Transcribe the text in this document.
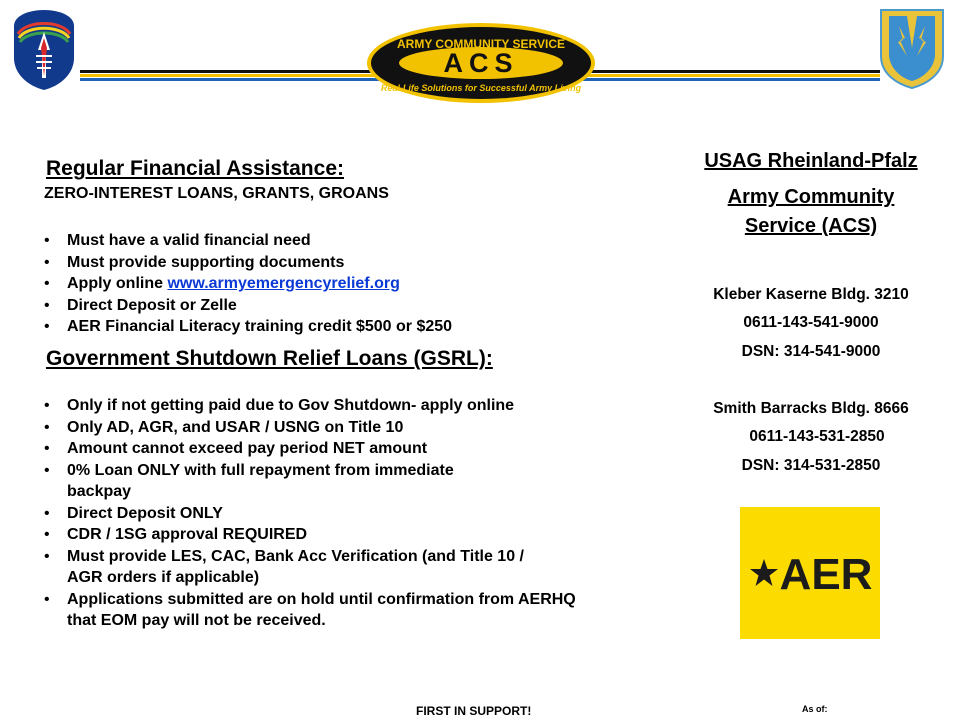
ARMY COMMUNITY SERVICE
ACS
Real-Life Solutions for Successful Army Living
Regular Financial Assistance:
ZERO-INTEREST LOANS, GRANTS, GROANS
• Must have a valid financial need
• Must provide supporting documents
• Apply online www.armyemergencyrelief.org
• Direct Deposit or Zelle
• AER Financial Literacy training credit $500 or $250
Government Shutdown Relief Loans (GSRL):
• Only if not getting paid due to Gov Shutdown- apply online
• Only AD, AGR, and USAR / USNG on Title 10
• Amount cannot exceed pay period NET amount
• 0% Loan ONLY with full repayment from immediate backpay
• Direct Deposit ONLY
• CDR / 1SG approval REQUIRED
• Must provide LES, CAC, Bank Acc Verification (and Title 10 / AGR orders if applicable)
• Applications submitted are on hold until confirmation from AERHQ that EOM pay will not be received.
USAG Rheinland-Pfalz
Army Community
Service (ACS)
Kleber Kaserne Bldg. 3210
0611-143-541-9000
DSN: 314-541-9000
Smith Barracks Bldg. 8666
0611-143-531-2850
DSN: 314-531-2850
AER
FIRST IN SUPPORT!	As of:
